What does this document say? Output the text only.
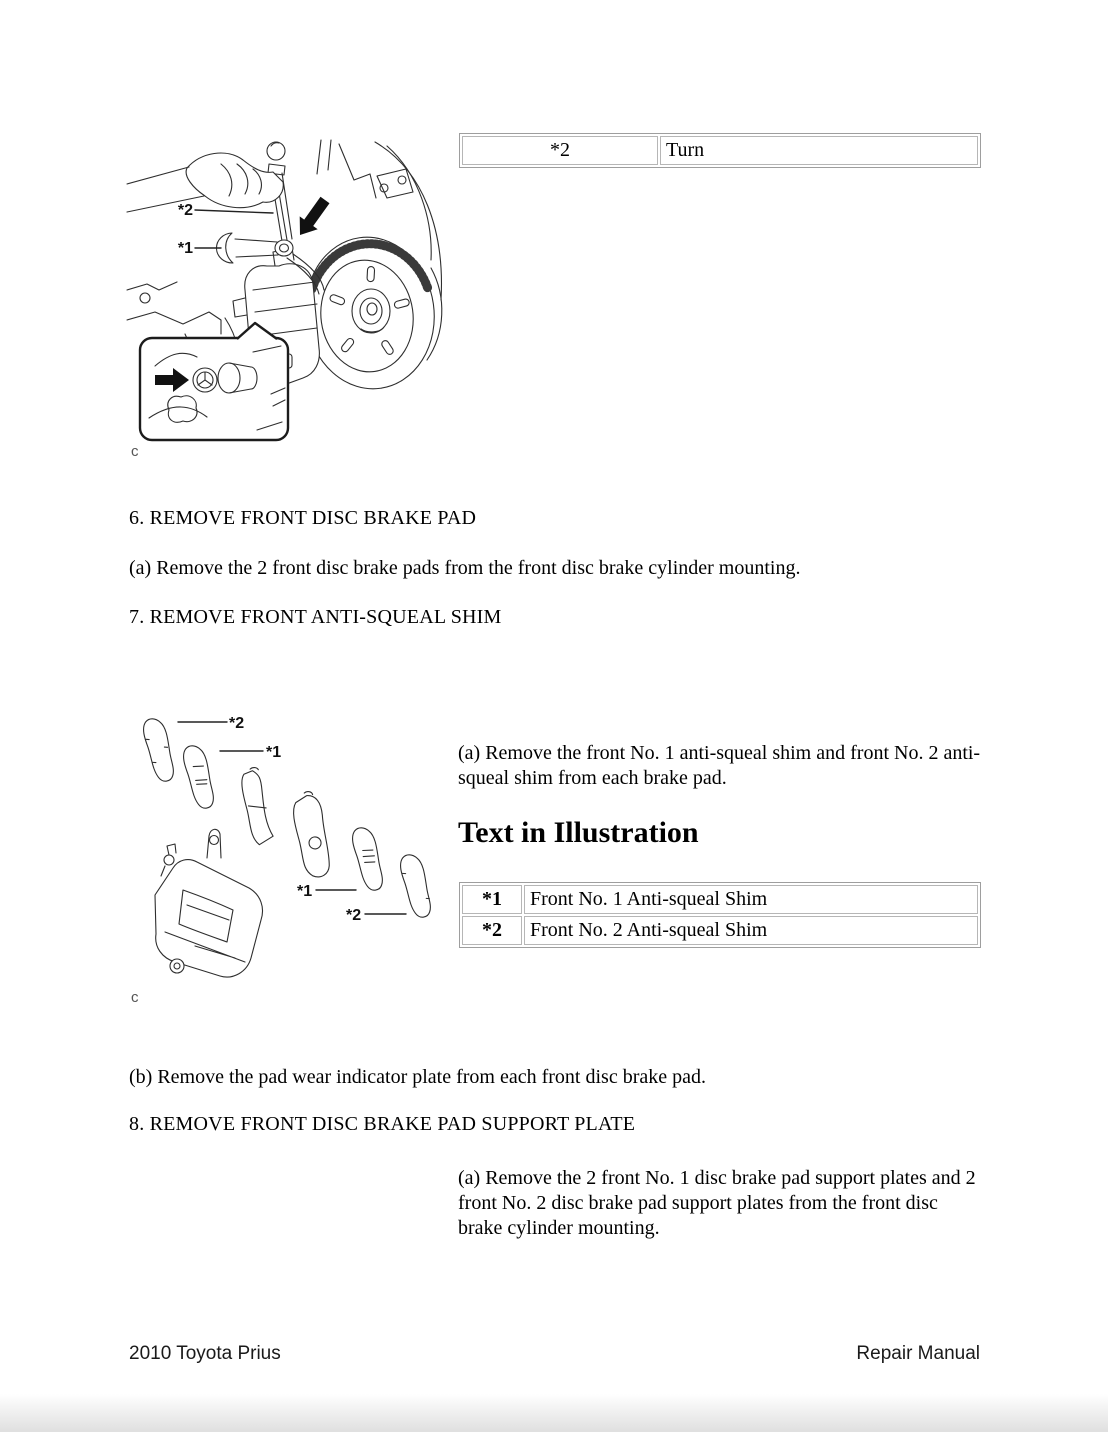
*2	Turn
*2
*1
c
6. REMOVE FRONT DISC BRAKE PAD
(a) Remove the 2 front disc brake pads from the front disc brake cylinder mounting.
7. REMOVE FRONT ANTI-SQUEAL SHIM
*2
*1
*1
*2
c
(a) Remove the front No. 1 anti-squeal shim and front No. 2 anti-squeal shim from each brake pad.
Text in Illustration
*1	Front No. 1 Anti-squeal Shim
*2	Front No. 2 Anti-squeal Shim
(b) Remove the pad wear indicator plate from each front disc brake pad.
8. REMOVE FRONT DISC BRAKE PAD SUPPORT PLATE
(a) Remove the 2 front No. 1 disc brake pad support plates and 2 front No. 2 disc brake pad support plates from the front disc brake cylinder mounting.
2010 Toyota Prius	Repair Manual
